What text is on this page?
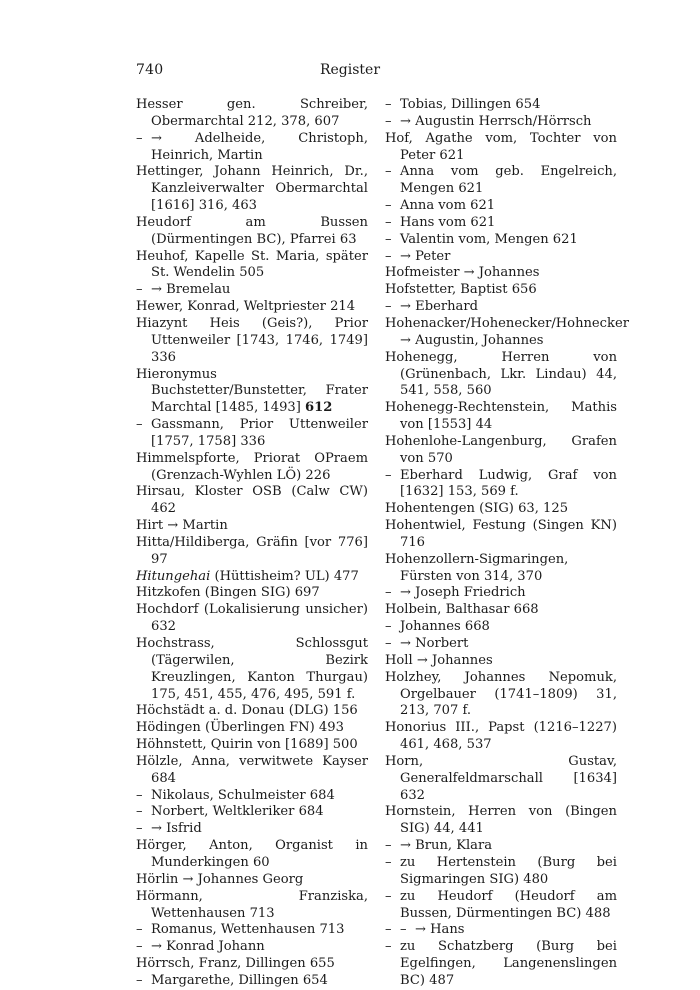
740	Register
Hesser gen. Schreiber, Obermarchtal 212, 378, 607
– → Adelheide, Christoph, Heinrich, Martin
Hettinger, Johann Heinrich, Dr., Kanzleiverwalter Obermarchtal [1616] 316, 463
Heudorf am Bussen (Dürmentingen BC), Pfarrei 63
Heuhof, Kapelle St. Maria, später St. Wendelin 505
– → Bremelau
Hewer, Konrad, Weltpriester 214
Hiazynt Heis (Geis?), Prior Uttenweiler [1743, 1746, 1749] 336
Hieronymus Buchstetter/Bunstetter, Frater Marchtal [1485, 1493] 612
– Gassmann, Prior Uttenweiler [1757, 1758] 336
Himmelspforte, Priorat OPraem (Grenzach-Wyhlen LÖ) 226
Hirsau, Kloster OSB (Calw CW) 462
Hirt → Martin
Hitta/Hildiberga, Gräfin [vor 776] 97
Hitungehai (Hüttisheim? UL) 477
Hitzkofen (Bingen SIG) 697
Hochdorf (Lokalisierung unsicher) 632
Hochstrass, Schlossgut (Tägerwilen, Bezirk Kreuzlingen, Kanton Thurgau) 175, 451, 455, 476, 495, 591 f.
Höchstädt a. d. Donau (DLG) 156
Hödingen (Überlingen FN) 493
Höhnstett, Quirin von [1689] 500
Hölzle, Anna, verwitwete Kayser 684
– Nikolaus, Schulmeister 684
– Norbert, Weltkleriker 684
– → Isfrid
Hörger, Anton, Organist in Munderkingen 60
Hörlin → Johannes Georg
Hörmann, Franziska, Wettenhausen 713
– Romanus, Wettenhausen 713
– → Konrad Johann
Hörrsch, Franz, Dillingen 655
– Margarethe, Dillingen 654
– Tobias, Dillingen 654
– → Augustin Herrsch/Hörrsch
Hof, Agathe vom, Tochter von Peter 621
– Anna vom geb. Engelreich, Mengen 621
– Anna vom 621
– Hans vom 621
– Valentin vom, Mengen 621
– → Peter
Hofmeister → Johannes
Hofstetter, Baptist 656
– → Eberhard
Hohenacker/Hohenecker/Hohnecker → Augustin, Johannes
Hohenegg, Herren von (Grünenbach, Lkr. Lindau) 44, 541, 558, 560
Hohenegg-Rechtenstein, Mathis von [1553] 44
Hohenlohe-Langenburg, Grafen von 570
– Eberhard Ludwig, Graf von [1632] 153, 569 f.
Hohentengen (SIG) 63, 125
Hohentwiel, Festung (Singen KN) 716
Hohenzollern-Sigmaringen, Fürsten von 314, 370
– → Joseph Friedrich
Holbein, Balthasar 668
– Johannes 668
– → Norbert
Holl → Johannes
Holzhey, Johannes Nepomuk, Orgelbauer (1741–1809) 31, 213, 707 f.
Honorius III., Papst (1216–1227) 461, 468, 537
Horn, Gustav, Generalfeldmarschall [1634] 632
Hornstein, Herren von (Bingen SIG) 44, 441
– → Brun, Klara
– zu Hertenstein (Burg bei Sigmaringen SIG) 480
– zu Heudorf (Heudorf am Bussen, Dürmentingen BC) 488
– – → Hans
– zu Schatzberg (Burg bei Egelfingen, Langenenslingen BC) 487
